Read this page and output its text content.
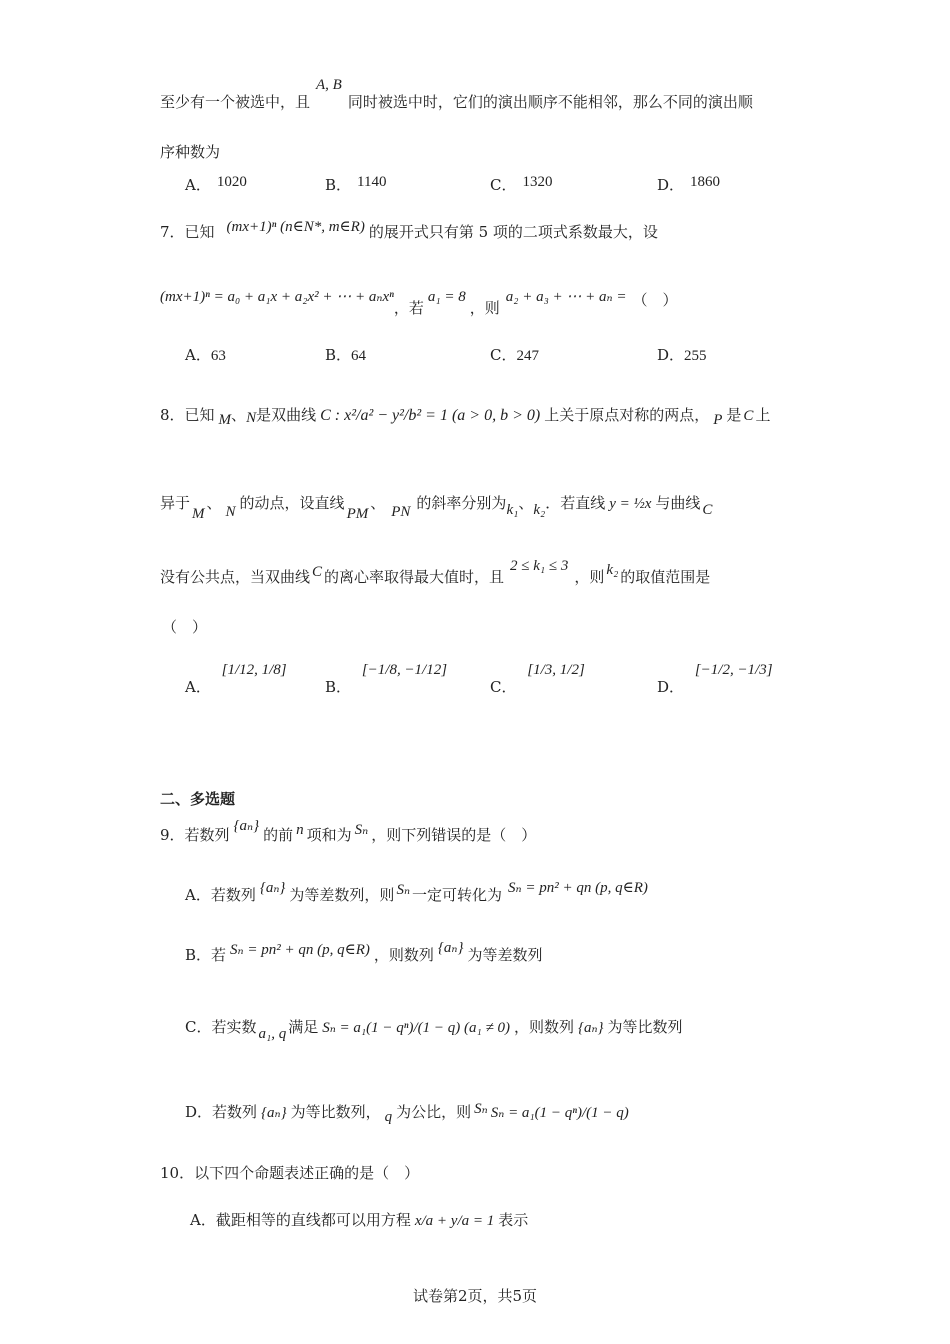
至少有一个被选中，且A, B同时被选中时，它们的演出顺序不能相邻，那么不同的演出顺
序种数为
A． 1020	B． 1140	C． 1320	D． 1860
7．已知 (mx+1)ⁿ (n∈N*, m∈R) 的展开式只有第 5 项的二项式系数最大，设
(mx+1)ⁿ = a₀ + a₁x + a₂x² + ⋯ + aₙxⁿ，若a₁ = 8，则a₂ + a₃ + ⋯ + aₙ = （　）
A．63	B．64	C．247	D．255
8．已知 M、N是双曲线 C : x²/a² − y²/b² = 1 (a > 0, b > 0) 上关于原点对称的两点， P 是 C 上
异于M、 N 的动点，设直线PM、 PN 的斜率分别为k₁、k₂．若直线 y = ½x 与曲线 C
没有公共点，当双曲线 C 的离心率取得最大值时，且2 ≤ k₁ ≤ 3，则 k₂ 的取值范围是
（　）
A． [1/12, 1/8]
B． [−1/8, −1/12]
C． [1/3, 1/2]
D． [−1/2, −1/3]
二、多选题
9．若数列 {aₙ} 的前 n 项和为 Sₙ ，则下列错误的是（　）
A．若数列 {aₙ} 为等差数列，则 Sₙ 一定可转化为 Sₙ = pn² + qn (p, q∈R)
B．若 Sₙ = pn² + qn (p, q∈R) ，则数列 {aₙ} 为等差数列
C．若实数 a₁, q 满足 Sₙ = a₁(1 − qⁿ)/(1 − q) (a₁ ≠ 0) ，则数列 {aₙ} 为等比数列
D．若数列 {aₙ} 为等比数列， q 为公比，则 Sₙ Sₙ = a₁(1 − qⁿ)/(1 − q)
10．以下四个命题表述正确的是（　）
A．截距相等的直线都可以用方程 x/a + y/a = 1 表示
试卷第2页，共5页
